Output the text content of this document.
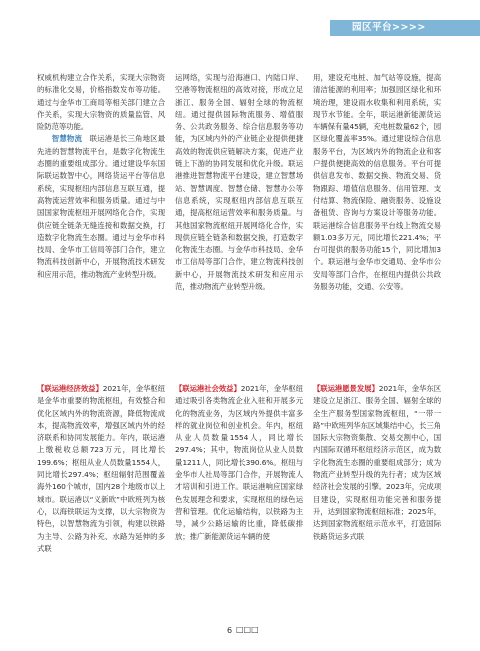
园区平台>>>>

权威机构建立合作关系，实现大宗物资的标准化交易，价格指数发布等功能。通过与金华市工商局等相关部门建立合作关系，实现大宗物资的质量监管、风险防范等功能。

智慧物流　 联运港是长三角地区最先进的智慧物流平台，是数字化物流生态圈的重要组成部分。通过建设华东国际联运数智中心，网络货运平台等信息系统，实现枢纽内部信息互联互通，提高物流运营效率和服务质量。通过与中国国家物流枢纽开展网络化合作，实现供应链全链条无缝连接和数据交换，打造数字化物流生态圈。通过与金华市科技局、金华市工信局等部门合作，建立物流科技创新中心，开展物流技术研发和应用示范，推动物流产业转型升级。

运网络，实现与沿海港口、内陆口岸、空港等物流枢纽的高效对接，形成立足浙江、服务全国、辐射全球的物流枢纽。通过提供国际物流服务、增值服务、公共政务服务、综合信息服务等功能，为区域内外的产业链企业提供便捷高效的物流供应链解决方案，促进产业链上下游的协同发展和优化升级。联运港推进智慧物流平台建设，建立智慧场站、智慧调度、智慧仓储、智慧办公等信息系统，实现枢纽内部信息互联互通，提高枢纽运营效率和服务质量。与其他国家物流枢纽开展网络化合作，实现供应链全链条和数据交换，打造数字化物流生态圈。与金华市科技局、金华市工信局等部门合作，建立物流科技创新中心，开展物流技术研发和应用示范，推动物流产业转型升级。

用，建设充电桩、加气站等设施，提高清洁能源的利用率；加强园区绿化和环境治理，建设雨水收集和利用系统，实现节水节能。全年，联运港新能源货运车辆保有量45辆，充电桩数量62个，园区绿化覆盖率35%。通过建设综合信息服务平台，为区域内外的物流企业和客户提供便捷高效的信息服务。平台可提供信息发布、数据交换、物流交易、货物跟踪、增值信息服务、信用管理、支付结算、物流保险、融资服务、设施设备租赁、咨询与方案设计等服务功能。联运港综合信息服务平台线上物流交易额1.03多万元，同比增长221.4%；平台可提供的服务功能15个，同比增加3个。联运港与金华市交通局、金华市公安局等部门合作，在枢纽内提供公共政务服务功能，交通、公安等。

【联运港经济效益】2021年，金华枢纽是金华市重要的物流枢纽，有效整合和优化区域内外的物流资源，降低物流成本，提高物流效率，增强区域内外的经济联系和协同发展能力。年内，联运港上缴税收总额723万元，同比增长199.6%；枢纽从业人员数量1554人，同比增长297.4%；枢纽辐射范围覆盖海外160个城市，国内28个地级市以上城市。联运港以“义新欧”中欧班列为核心，以海铁联运为支撑，以大宗物资为特色，以智慧物流为引领，构建以铁路为主导、公路为补充、水路为延伸的多式联

【联运港社会效益】2021年，金华枢纽通过吸引各类物流企业入驻和开展多元化的物流业务，为区域内外提供丰富多样的就业岗位和创业机会。年内，枢纽从业人员数量1554人，同比增长297.4%；其中，物流岗位从业人员数量1211人，同比增长390.6%。枢纽与金华市人社局等部门合作，开展物流人才培训和引进工作。联运港响应国家绿色发展理念和要求，实现枢纽的绿色运营和管理。优化运输结构，以铁路为主导，减少公路运输的比重，降低碳排放；推广新能源货运车辆的使

【联运港愿景发展】2021年，金华东区建设立足浙江、服务全国、辐射全球的全生产服务型国家物流枢纽，“一带一路”中欧班列华东区域集结中心，长三角国际大宗物资集散、交易交割中心，国内国际双循环枢纽经济示范区，成为数字化物流生态圈的重要组成部分；成为物流产业转型升级的先行者；成为区域经济社会发展的引擎。2023年，完成项目建设，实现枢纽功能完善和服务提升，达到国家物流枢纽标准；2025年，达到国家物流枢纽示范水平，打造国际铁路货运多式联

6 □□□
